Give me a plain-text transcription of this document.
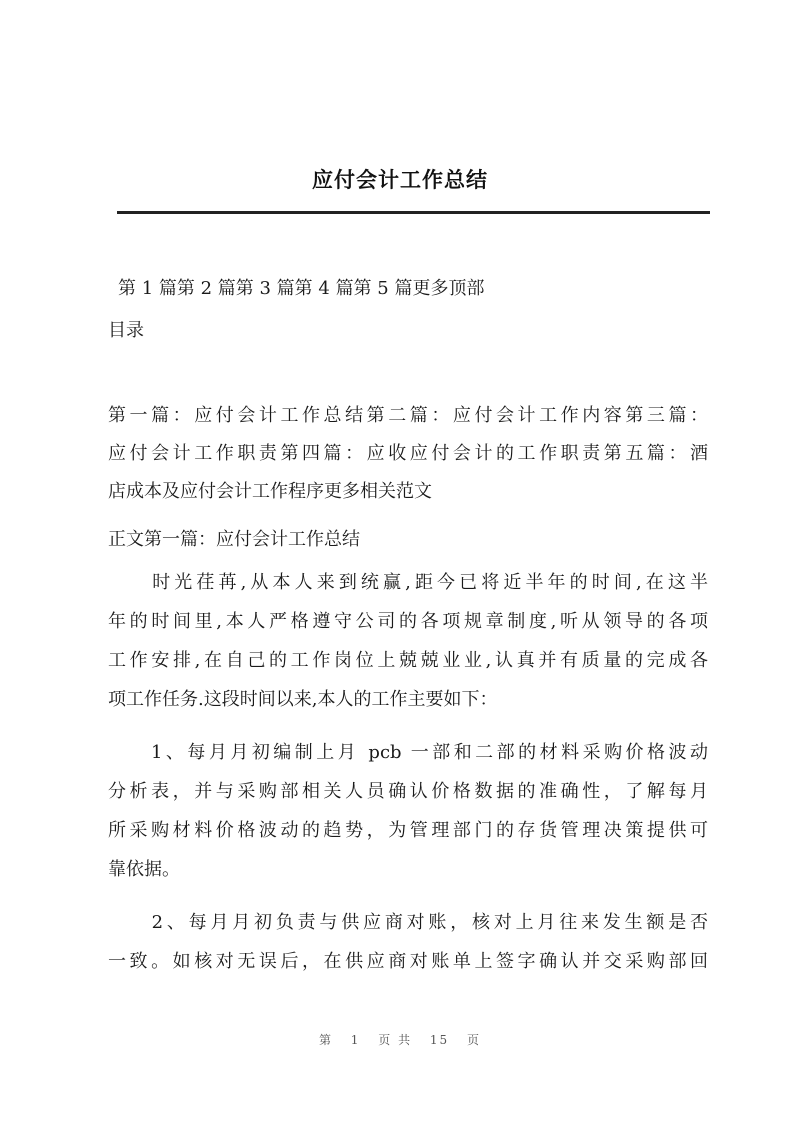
应付会计工作总结
第 1 篇第 2 篇第 3 篇第 4 篇第 5 篇更多顶部
目录
第一篇：应付会计工作总结第二篇：应付会计工作内容第三篇：
应付会计工作职责第四篇：应收应付会计的工作职责第五篇：酒
店成本及应付会计工作程序更多相关范文
正文第一篇：应付会计工作总结
　　时光荏苒,从本人来到统赢,距今已将近半年的时间,在这半
年的时间里,本人严格遵守公司的各项规章制度,听从领导的各项
工作安排,在自己的工作岗位上兢兢业业,认真并有质量的完成各
项工作任务.这段时间以来,本人的工作主要如下：
　　1、每月月初编制上月 pcb 一部和二部的材料采购价格波动
分析表，并与采购部相关人员确认价格数据的准确性，了解每月
所采购材料价格波动的趋势，为管理部门的存货管理决策提供可
靠依据。
　　2、每月月初负责与供应商对账，核对上月往来发生额是否
一致。如核对无误后，在供应商对账单上签字确认并交采购部回
第 1 页 共 15 页
